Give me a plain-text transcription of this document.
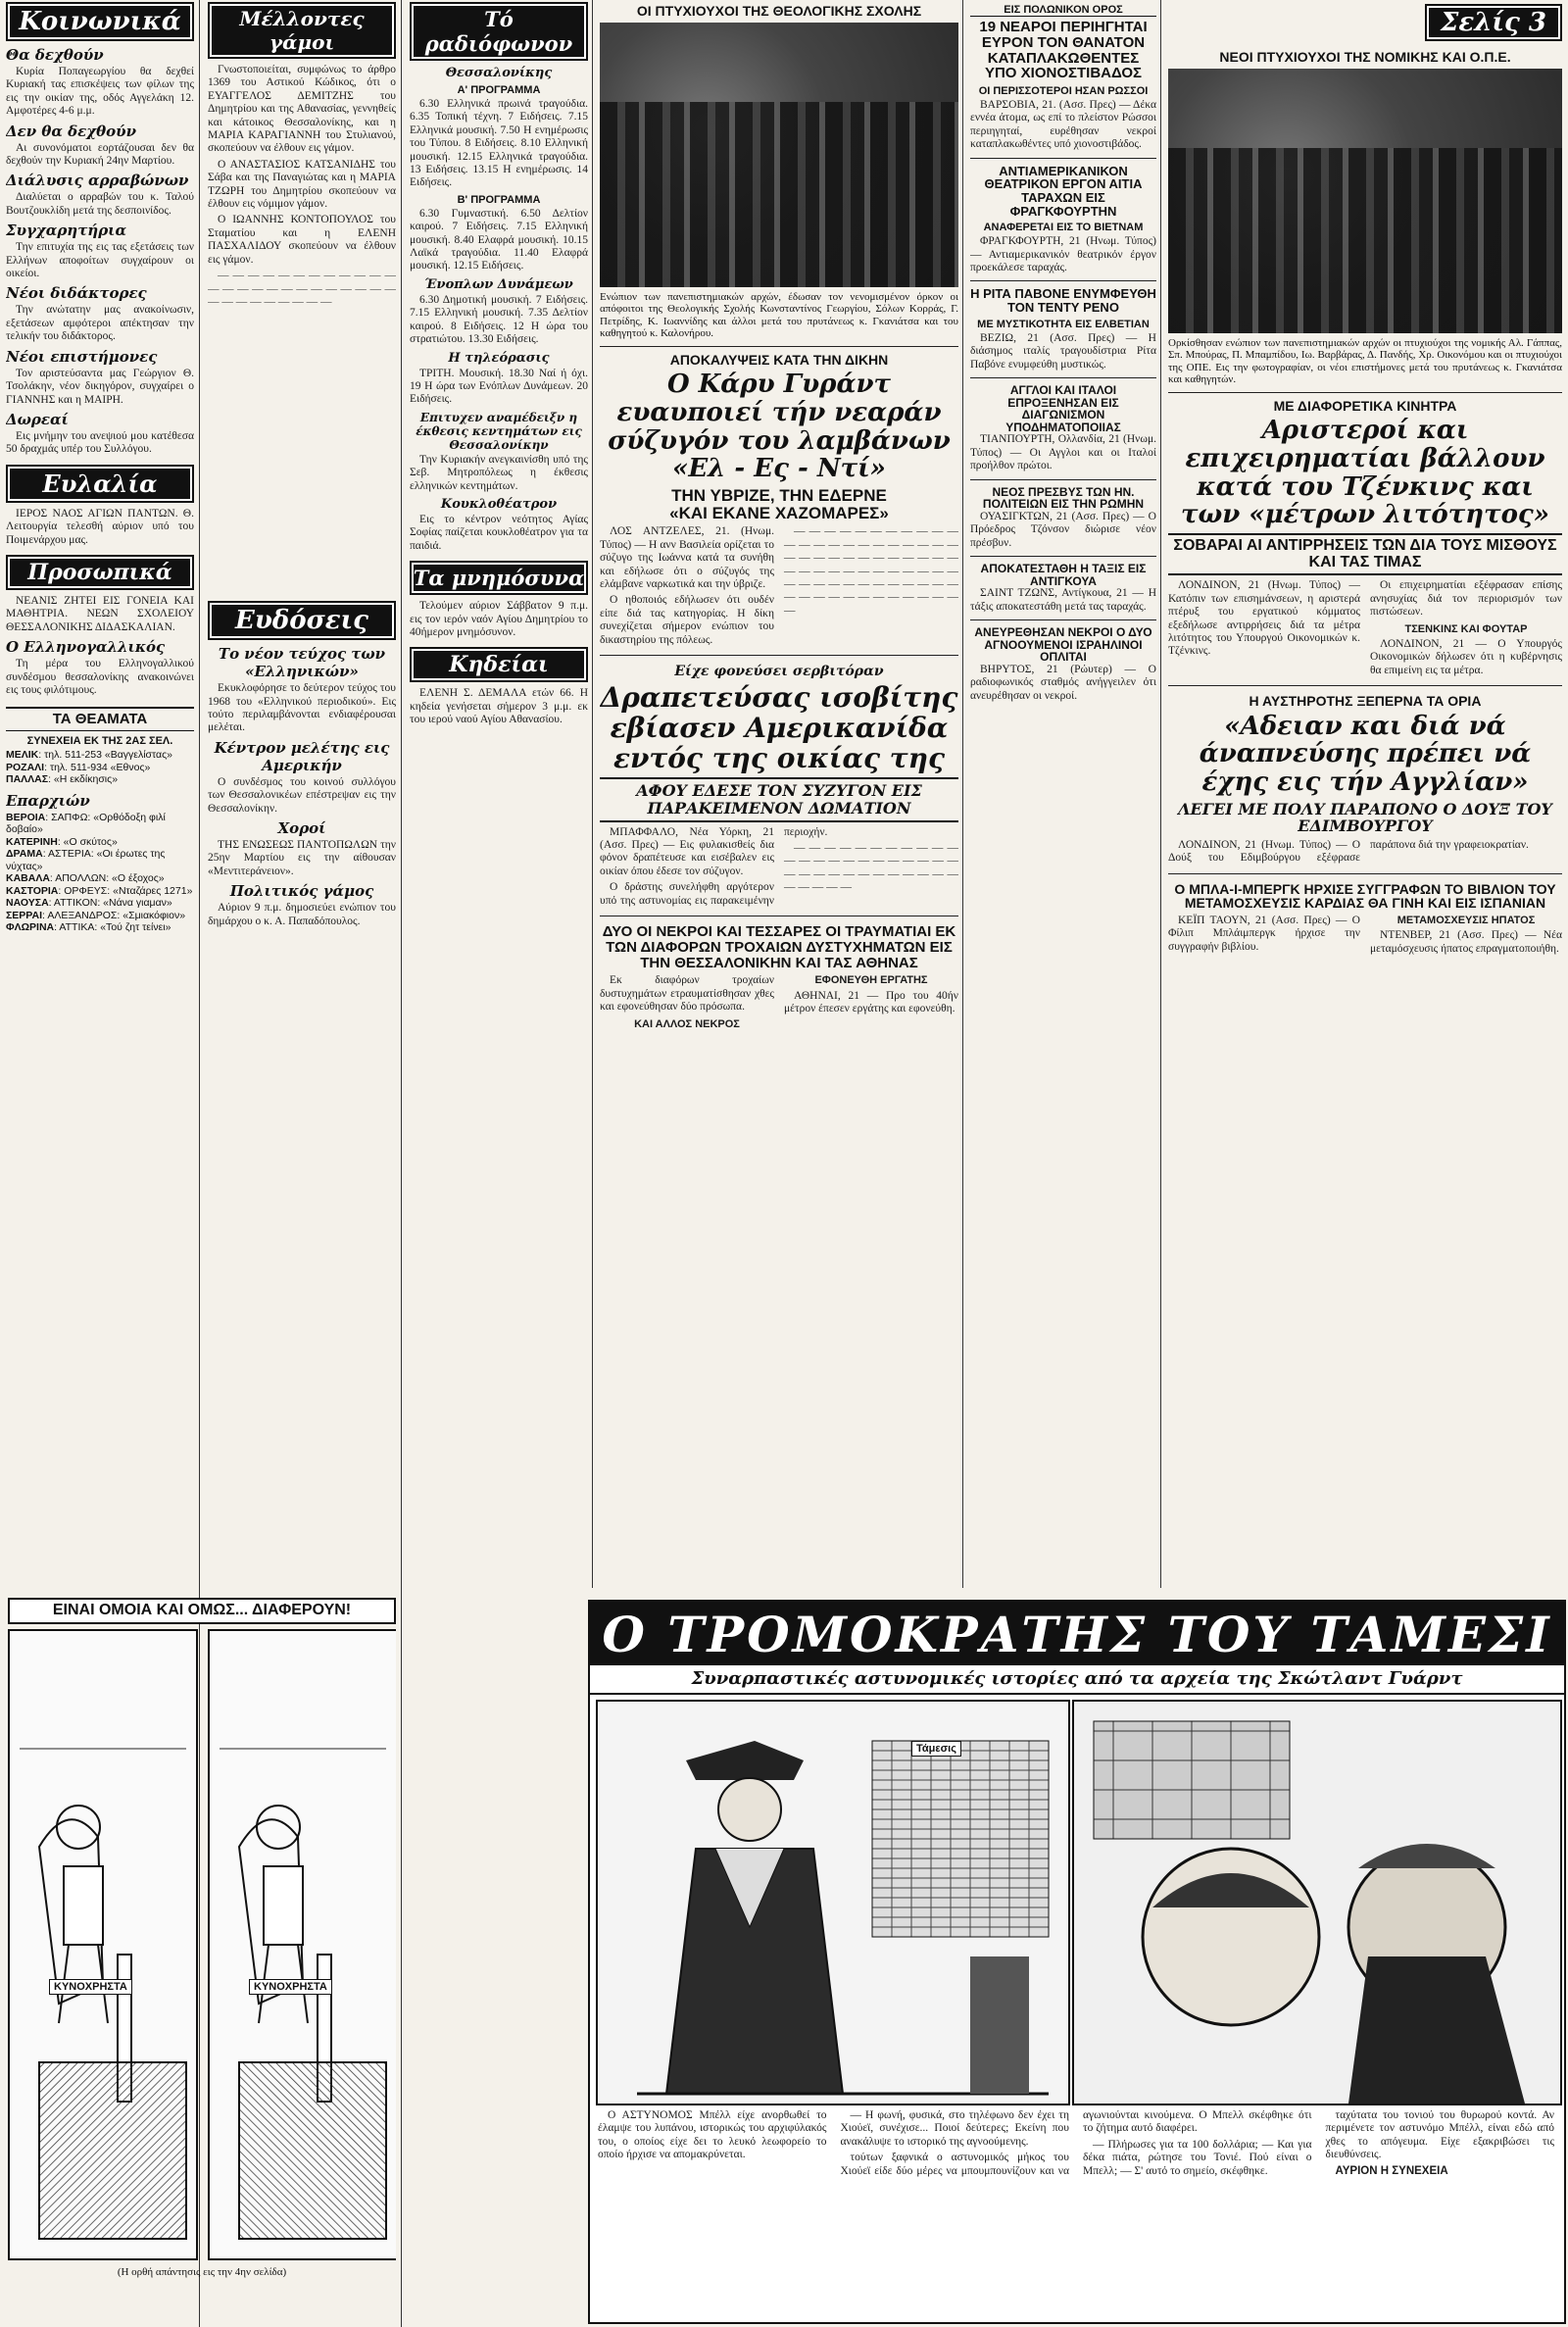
Κοινωνικά
Θα δεχθούν

Κυρία Ποπαγεωργίου θα δεχθεί Κυριακή τας επισκέψεις των φίλων της εις την οικίαν της, οδός Αγγελάκη 12. Αμφοτέρες 4-6 μ.μ.

Δεν θα δεχθούν

Αι συνονόματοι εορτάζουσαι δεν θα δεχθούν την Κυριακή 24ην Μαρτίου.

Διάλυσις αρραβώνων

Διαλύεται ο αρραβών του κ. Ταλού Βουτζουκλίδη μετά της δεσποινίδος.

Συγχαρητήρια

Την επιτυχία της εις τας εξετάσεις των Ελλήνων αποφοίτων συγχαίρουν οι οικείοι.

Νέοι διδάκτορες

Την ανώτατην μας ανακοίνωσιν, εξετάσεων αμφότεροι απέκτησαν την τελικήν του διδάκτορος.

Νέοι επιστήμονες

Τον αριστεύσαντα μας Γεώργιον Θ. Τσολάκην, νέον δικηγόρον, συγχαίρει ο ΓΙΑΝΝΗΣ και η ΜΑΙΡΗ.

Δωρεαί

Εις μνήμην του ανεψιού μου κατέθεσα 50 δραχμάς υπέρ του Συλλόγου.

Ευλαλία

ΙΕΡΟΣ ΝΑΟΣ ΑΓΙΩΝ ΠΑΝΤΩΝ. Θ. Λειτουργία τελεσθή αύριον υπό του Ποιμενάρχου μας.

Προσωπικά

ΝΕΑΝΙΣ ΖΗΤΕΙ ΕΙΣ ΓΟΝΕΙΑ ΚΑΙ ΜΑΘΗΤΡΙΑ. ΝΕΩΝ ΣΧΟΛΕΙΟΥ ΘΕΣΣΑΛΟΝΙΚΗΣ ΔΙΔΑΣΚΑΛΙΑΝ.

Ο Ελληνογαλλικός

Τη μέρα του Ελληνογαλλικού συνδέσμου θεσσαλονίκης ανακοινώνει εις τους φιλότιμους.

ΤΑ ΘΕΑΜΑΤΑ
ΣΥΝΕΧΕΙΑ ΕΚ ΤΗΣ 2ΑΣ ΣΕΛ.
ΜΕΛΙΚ: τηλ. 511-253 «Βαγγελίστας»
ΡΟΖΑΛΙ: τηλ. 511-934 «Εθνος»
ΠΑΛΛΑΣ: «Η εκδίκησις»
Επαρχιών
ΒΕΡΟΙΑ: ΣΑΠΦΩ: «Ορθόδοξη φιλί δοβαίο»
ΚΑΤΕΡΙΝΗ: «Ο σκύτος»
ΔΡΑΜΑ: ΑΣΤΕΡΙΑ: «Οι έρωτες της νύχτας»
ΚΑΒΑΛΑ: ΑΠΟΛΛΩΝ: «Ο έξοχος»
ΚΑΣΤΟΡΙΑ: ΟΡΦΕΥΣ: «Νταζάρες 1271»
ΝΑΟΥΣΑ: ΑΤΤΙΚΟΝ: «Νάνα γιαμαν»
ΣΕΡΡΑΙ: ΑΛΕΞΑΝΔΡΟΣ: «Σμιακόφιον»
ΦΛΩΡΙΝΑ: ΑΤΤΙΚΑ: «Τού ζητ τείνει»
Μέλλοντες γάμοι

Γνωστοποιείται, συμφώνως το άρθρο 1369 του Αστικού Κώδικος, ότι ο ΕΥΑΓΓΕΛΟΣ ΔΕΜΙΤΖΗΣ του Δημητρίου και της Αθανασίας, γεννηθείς και κάτοικος Θεσσαλονίκης, και η ΜΑΡΙΑ ΚΑΡΑΓΙΑΝΝΗ του Στυλιανού, σκοπεύουν να έλθουν εις γάμον.

Ο ΑΝΑΣΤΑΣΙΟΣ ΚΑΤΣΑΝΙΔΗΣ του Σάβα και της Παναγιώτας και η ΜΑΡΙΑ ΤΖΩΡΗ του Δημητρίου σκοπεύουν να έλθουν εις νόμιμον γάμον.

Ο ΙΩΑΝΝΗΣ ΚΟΝΤΟΠΟΥΛΟΣ του Σταματίου και η ΕΛΕΝΗ ΠΑΣΧΑΛΙΔΟΥ σκοπεύουν να έλθουν εις γάμον.

— — — — — — — — — — — — — — — — — — — — — — — — — — — — — — — — — —

Ευδόσεις
Το νέον τεύχος των «Ελληνικών»

Εκυκλοφόρησε το δεύτερον τεύχος του 1968 του «Ελληνικού περιοδικού». Εις τούτο περιλαμβάνονται ενδιαφέρουσαι μελέται.

Κέντρον μελέτης εις Αμερικήν

Ο συνδέσμος του κοινού συλλόγου των Θεσσαλονικέων επέστρεψαν εις την Θεσσαλονίκην.

Χοροί

ΤΗΣ ΕΝΩΣΕΩΣ ΠΑΝΤΟΠΩΛΩΝ την 25ην Μαρτίου εις την αίθουσαν «Μεντιτεράνειον».

Πολιτικός γάμος

Αύριον 9 π.μ. δημοσιεύει ενώπιον του δημάρχου ο κ. Α. Παπαδόπουλος.

ΕΙΝΑΙ ΟΜΟΙΑ ΚΑΙ ΟΜΩΣ... ΔΙΑΦΕΡΟΥΝ!
ΚΥΝΟΧΡΗΣΤΑ	ΚΥΝΟΧΡΗΣΤΑ
(Η ορθή απάντησις εις την 4ην σελίδα)
Τό ραδιόφωνον
Θεσσαλονίκης
Α' ΠΡΟΓΡΑΜΜΑ

6.30 Ελληνικά πρωινά τραγούδια. 6.35 Τοπική τέχνη. 7 Ειδήσεις. 7.15 Ελληνικά μουσική. 7.50 Η ενημέρωσις του Τύπου. 8 Ειδήσεις. 8.10 Ελληνική μουσική. 12.15 Ελληνικά τραγούδια. 13 Ειδήσεις. 13.15 Η ενημέρωσις. 14 Ειδήσεις.

Β' ΠΡΟΓΡΑΜΜΑ

6.30 Γυμναστική. 6.50 Δελτίον καιρού. 7 Ειδήσεις. 7.15 Ελληνική μουσική. 8.40 Ελαφρά μουσική. 10.15 Λαϊκά τραγούδια. 11.40 Ελαφρά μουσική. 12.15 Ειδήσεις.

Ένοπλων Δυνάμεων

6.30 Δημοτική μουσική. 7 Ειδήσεις. 7.15 Ελληνική μουσική. 7.35 Δελτίον καιρού. 8 Ειδήσεις. 12 Η ώρα του στρατιώτου. 13.30 Ειδήσεις.

Η τηλεόρασις

ΤΡΙΤΗ. Μουσική. 18.30 Ναί ή όχι. 19 Η ώρα των Ενόπλων Δυνάμεων. 20 Ειδήσεις.

Επιτυχεν αναμέδειξν η έκθεσις κεντημάτων εις Θεσσαλονίκην

Την Κυριακήν ανεγκαινίσθη υπό της Σεβ. Μητροπόλεως η έκθεσις ελληνικών κεντημάτων.

Κουκλοθέατρον

Εις το κέντρον νεότητος Αγίας Σοφίας παίζεται κουκλοθέατρον για τα παιδιά.

Τα μνημόσυνα

Τελούμεν αύριον Σάββατον 9 π.μ. εις τον ιερόν ναόν Αγίου Δημητρίου το 40ήμερον μνημόσυνον.

Κηδείαι

ΕΛΕΝΗ Σ. ΔΕΜΑΛΑ ετών 66. Η κηδεία γενήσεται σήμερον 3 μ.μ. εκ του ιερού ναού Αγίου Αθανασίου.

ΟΙ ΠΤΥΧΙΟΥΧΟΙ ΤΗΣ ΘΕΟΛΟΓΙΚΗΣ ΣΧΟΛΗΣ
Ενώπιον των πανεπιστημιακών αρχών, έδωσαν τον νενομισμένον όρκον οι απόφοιτοι της Θεολογικής Σχολής Κωνσταντίνος Γεωργίου, Σόλων Κορράς, Γ. Πετρίδης, Κ. Ιωαννίδης και άλλοι μετά του πρυτάνεως κ. Γκανιάτσα και του καθηγητού κ. Καλονήρου.
ΑΠΟΚΑΛΥΨΕΙΣ ΚΑΤΑ ΤΗΝ ΔΙΚΗΝ
Ο Κάρυ Γυράντ ευαυποιεί τήν νεαράν σύζυγόν του λαμβάνων «Ελ - Ες - Ντί»
ΤΗΝ ΥΒΡΙΖΕ, ΤΗΝ ΕΔΕΡΝΕ
«ΚΑΙ ΕΚΑΝΕ ΧΑΖΟΜΑΡΕΣ»

ΛΟΣ ΑΝΤΖΕΛΕΣ, 21. (Ηνωμ. Τύπος) — Η ανν Βασιλεία ορίζεται το σύζυγο της Ιωάννα κατά τα συνήθη και εδήλωσε ότι ο σύζυγός της ελάμβανε ναρκωτικά και την ύβριζε.

Ο ηθοποιός εδήλωσεν ότι ουδέν είπε διά τας κατηγορίας. Η δίκη συνεχίζεται σήμερον ενώπιον του δικαστηρίου της πόλεως.

— — — — — — — — — — — — — — — — — — — — — — — — — — — — — — — — — — — — — — — — — — — — — — — — — — — — — — — — — — — — — — — — — — — — — — — —

Είχε φονεύσει σερβιτόραν
Δραπετεύσας ισοβίτης εβίασεν Αμερικανίδα εντός της οικίας της
ΑΦΟΥ ΕΔΕΣΕ ΤΟΝ ΣΥΖΥΓΟΝ ΕΙΣ ΠΑΡΑΚΕΙΜΕΝΟΝ ΔΩΜΑΤΙΟΝ

ΜΠΑΦΦΑΛΟ, Νέα Υόρκη, 21 (Ασσ. Πρες) — Εις φυλακισθείς δια φόνον δραπέτευσε και εισέβαλεν εις οικίαν όπου έδεσε τον σύζυγον.

Ο δράστης συνελήφθη αργότερον υπό της αστυνομίας εις παρακειμένην περιοχήν.

— — — — — — — — — — — — — — — — — — — — — — — — — — — — — — — — — — — — — — — —

ΔΥΟ ΟΙ ΝΕΚΡΟΙ ΚΑΙ ΤΕΣΣΑΡΕΣ ΟΙ ΤΡΑΥΜΑΤΙΑΙ ΕΚ ΤΩΝ ΔΙΑΦΟΡΩΝ ΤΡΟΧΑΙΩΝ ΔΥΣΤΥΧΗΜΑΤΩΝ ΕΙΣ ΤΗΝ ΘΕΣΣΑΛΟΝΙΚΗΝ ΚΑΙ ΤΑΣ ΑΘΗΝΑΣ

Εκ διαφόρων τροχαίων δυστυχημάτων ετραυματίσθησαν χθες και εφονεύθησαν δύο πρόσωπα.

ΚΑΙ ΑΛΛΟΣ ΝΕΚΡΟΣ
ΕΦΟΝΕΥΘΗ ΕΡΓΑΤΗΣ

ΑΘΗΝΑΙ, 21 — Προ του 40ήν μέτρον έπεσεν εργάτης και εφονεύθη.

ΕΙΣ ΠΟΛΩΝΙΚΟΝ ΟΡΟΣ
19 ΝΕΑΡΟΙ ΠΕΡΙΗΓΗΤΑΙ ΕΥΡΟΝ ΤΟΝ ΘΑΝΑΤΟΝ ΚΑΤΑΠΛΑΚΩΘΕΝΤΕΣ ΥΠΟ ΧΙΟΝΟΣΤΙΒΑΔΟΣ
ΟΙ ΠΕΡΙΣΣΟΤΕΡΟΙ ΗΣΑΝ ΡΩΣΣΟΙ

ΒΑΡΣΟΒΙΑ, 21. (Ασσ. Πρες) — Δέκα εννέα άτομα, ως επί το πλείστον Ρώσσοι περιηγηταί, ευρέθησαν νεκροί καταπλακωθέντες υπό χιονοστιβάδος.

ΑΝΤΙΑΜΕΡΙΚΑΝΙΚΟΝ ΘΕΑΤΡΙΚΟΝ ΕΡΓΟΝ ΑΙΤΙΑ ΤΑΡΑΧΩΝ ΕΙΣ ΦΡΑΓΚΦΟΥΡΤΗΝ
ΑΝΑΦΕΡΕΤΑΙ ΕΙΣ ΤΟ ΒΙΕΤΝΑΜ

ΦΡΑΓΚΦΟΥΡΤΗ, 21 (Ηνωμ. Τύπος) — Αντιαμερικανικόν θεατρικόν έργον προεκάλεσε ταραχάς.

Η ΡΙΤΑ ΠΑΒΟΝΕ ΕΝΥΜΦΕΥΘΗ ΤΟΝ ΤΕΝΤΥ ΡΕΝΟ
ΜΕ ΜΥΣΤΙΚΟΤΗΤΑ ΕΙΣ ΕΛΒΕΤΙΑΝ

ΒΕΖΙΩ, 21 (Ασσ. Πρες) — Η διάσημος ιταλίς τραγουδίστρια Ρίτα Παβόνε ενυμφεύθη μυστικώς.

ΑΓΓΛΟΙ ΚΑΙ ΙΤΑΛΟΙ ΕΠΡΟΞΕΝΗΣΑΝ ΕΙΣ ΔΙΑΓΩΝΙΣΜΟΝ ΥΠΟΔΗΜΑΤΟΠΟΙΙΑΣ

ΤΙΑΝΠΟΥΡΤΗ, Ολλανδία, 21 (Ηνωμ. Τύπος) — Οι Αγγλοι και οι Ιταλοί προήλθον πρώτοι.

ΝΕΟΣ ΠΡΕΣΒΥΣ ΤΩΝ ΗΝ. ΠΟΛΙΤΕΙΩΝ ΕΙΣ ΤΗΝ ΡΩΜΗΝ

ΟΥΑΣΙΓΚΤΩΝ, 21 (Ασσ. Πρες) — Ο Πρόεδρος Τζόνσον διώρισε νέον πρέσβυν.

ΑΠΟΚΑΤΕΣΤΑΘΗ Η ΤΑΞΙΣ ΕΙΣ ΑΝΤΙΓΚΟΥΑ

ΣΑΙΝΤ ΤΖΩΝΣ, Αντίγκουα, 21 — Η τάξις αποκατεστάθη μετά τας ταραχάς.

ΑΝΕΥΡΕΘΗΣΑΝ ΝΕΚΡΟΙ Ο ΔΥΟ ΑΓΝΟΟΥΜΕΝΟΙ ΙΣΡΑΗΛΙΝΟΙ ΟΠΛΙΤΑΙ

ΒΗΡΥΤΟΣ, 21 (Ρώυτερ) — Ο ραδιοφωνικός σταθμός ανήγγειλεν ότι ανευρέθησαν οι νεκροί.

Σελίς 3
ΝΕΟΙ ΠΤΥΧΙΟΥΧΟΙ ΤΗΣ ΝΟΜΙΚΗΣ ΚΑΙ Ο.Π.Ε.
Ορκίσθησαν ενώπιον των πανεπιστημιακών αρχών οι πτυχιούχοι της νομικής Αλ. Γάππας, Σπ. Μπούρας, Π. Μπαμπίδου, Ιω. Βαρβάρας, Δ. Πανδής, Χρ. Οικονόμου και οι πτυχιούχοι της ΟΠΕ. Εις την φωτογραφίαν, οι νέοι επιστήμονες μετά του πρυτάνεως κ. Γκανιάτσα και καθηγητών.
ΜΕ ΔΙΑΦΟΡΕΤΙΚΑ ΚΙΝΗΤΡΑ
Αριστεροί και επιχειρηματίαι βάλλουν κατά του Τζένκινς και των «μέτρων λιτότητος»
ΣΟΒΑΡΑΙ ΑΙ ΑΝΤΙΡΡΗΣΕΙΣ ΤΩΝ ΔΙΑ ΤΟΥΣ ΜΙΣΘΟΥΣ ΚΑΙ ΤΑΣ ΤΙΜΑΣ

ΛΟΝΔΙΝΟΝ, 21 (Ηνωμ. Τύπος) — Κατόπιν των επισημάνσεων, η αριστερά πτέρυξ του εργατικού κόμματος εξεδήλωσε αντιρρήσεις διά τα μέτρα λιτότητος του Υπουργού Οικονομικών κ. Τζένκινς.

Οι επιχειρηματίαι εξέφρασαν επίσης ανησυχίας διά τον περιορισμόν των πιστώσεων.

ΤΣΕΝΚΙΝΣ ΚΑΙ ΦΟΥΤΑΡ

ΛΟΝΔΙΝΟΝ, 21 — Ο Υπουργός Οικονομικών δήλωσεν ότι η κυβέρνησις θα επιμείνη εις τα μέτρα.

Η ΑΥΣΤΗΡΟΤΗΣ ΞΕΠΕΡΝΑ ΤΑ ΟΡΙΑ
«Αδειαν και διά νά άναπνεύσης πρέπει νά έχης εις τήν Αγγλίαν»
ΛΕΓΕΙ ΜΕ ΠΟΛΥ ΠΑΡΑΠΟΝΟ Ο ΔΟΥΞ ΤΟΥ ΕΔΙΜΒΟΥΡΓΟΥ

ΛΟΝΔΙΝΟΝ, 21 (Ηνωμ. Τύπος) — Ο Δούξ του Εδιμβούργου εξέφρασε παράπονα διά την γραφειοκρατίαν.

Ο ΜΠΛΑ-Ι-ΜΠΕΡΓΚ ΗΡΧΙΣΕ ΣΥΓΓΡΑΦΩΝ ΤΟ ΒΙΒΛΙΟΝ ΤΟΥ ΜΕΤΑΜΟΣΧΕΥΣΙΣ ΚΑΡΔΙΑΣ ΘΑ ΓΙΝΗ ΚΑΙ ΕΙΣ ΙΣΠΑΝΙΑΝ

ΚΕΪΠ ΤΑΟΥΝ, 21 (Ασσ. Πρες) — Ο Φίλιπ Μπλάιμπεργκ ήρχισε την συγγραφήν βιβλίου.

ΜΕΤΑΜΟΣΧΕΥΣΙΣ ΗΠΑΤΟΣ

ΝΤΕΝΒΕΡ, 21 (Ασσ. Πρες) — Νέα μεταμόσχευσις ήπατος επραγματοποιήθη.

Ο ΤΡΟΜΟΚΡΑΤΗΣ ΤΟΥ ΤΑΜΕΣΙ
Συναρπαστικές αστυνομικές ιστορίες από τα αρχεία της Σκώτλαντ Γυάρντ
Τάμεσις

Ο ΑΣΤΥΝΟΜΟΣ Μπέλλ είχε ανορθωθεί το έλαμψε του λυπάνου, ιστορικώς του αρχιφύλακός του, ο οποίος είχε δει το λευκό λεωφορείο το οποίο ήρχισε να απομακρύνεται.

— Η φωνή, φυσικά, στο τηλέφωνο δεν έχει τη Χιούεϊ, συνέχισε... Ποιοί δεύτερες; Εκείνη που ανακάλυψε το ιστορικό της αγνοούμενης.

τούτων ξαφνικά ο αστυνομικός μήκος του Χιούεϊ είδε δύο μέρες να μπουμπουνίζουν και να αγωνιούνται κινούμενα. Ο Μπελλ σκέφθηκε ότι το ζήτημα αυτό διαφέρει.

— Πλήρωσες για τα 100 δολλάρια; — Και για δέκα πιάτα, ρώτησε του Τονιέ. Πού είναι ο Μπελλ; — Σ' αυτό το σημείο, σκέφθηκε.

ταχύτατα του τονιού του θυρωρού κοντά. Αν περιμένετε τον αστυνόμο Μπέλλ, είναι εδώ από χθες το απόγευμα. Είχε εξακριβώσει τις διευθύνσεις.

ΑΥΡΙΟΝ Η ΣΥΝΕΧΕΙΑ
